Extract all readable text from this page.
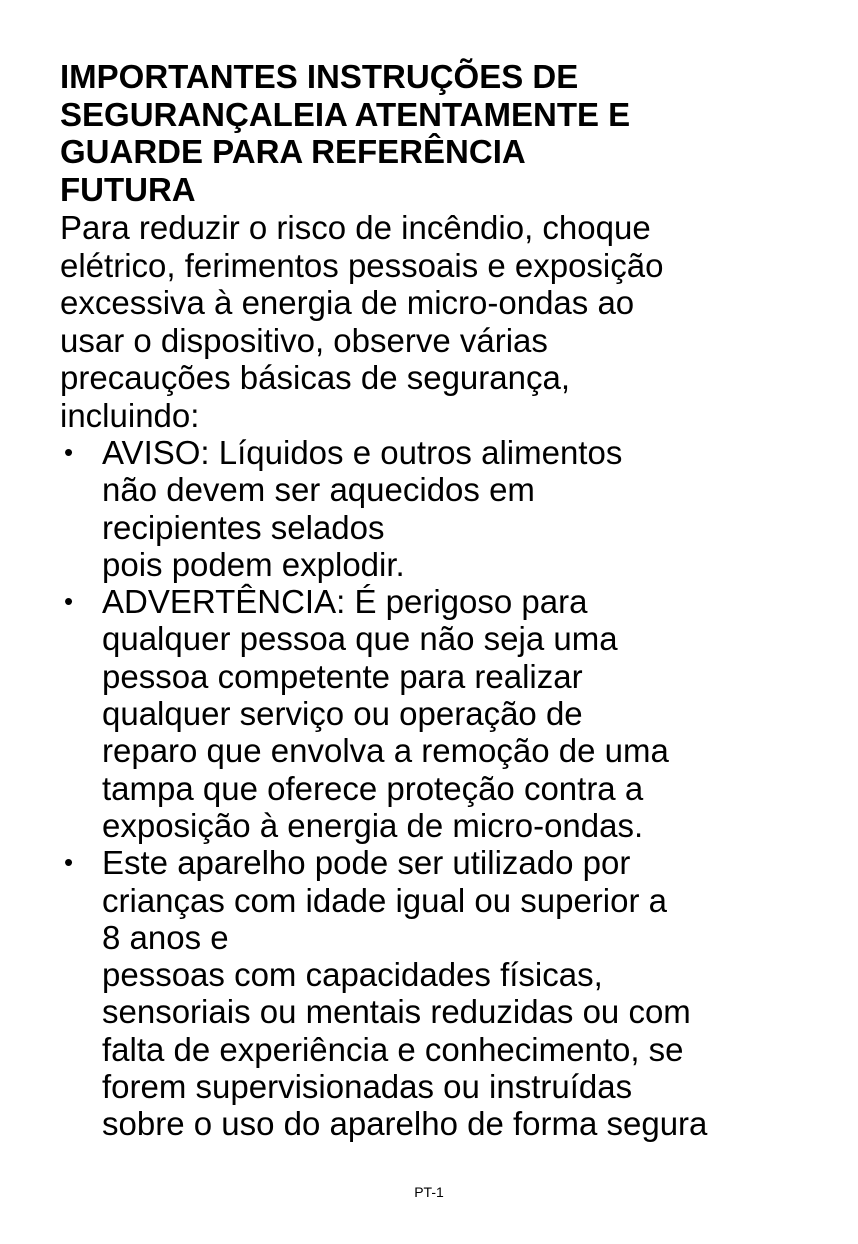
IMPORTANTES INSTRUÇÕES DE
SEGURANÇALEIA ATENTAMENTE E
GUARDE PARA REFERÊNCIA
FUTURA

Para reduzir o risco de incêndio, choque
elétrico, ferimentos pessoais e exposição
excessiva à energia de micro-ondas ao
usar o dispositivo, observe várias
precauções básicas de segurança,
incluindo:

• AVISO: Líquidos e outros alimentos
não devem ser aquecidos em
recipientes selados
pois podem explodir.
• ADVERTÊNCIA: É perigoso para
qualquer pessoa que não seja uma
pessoa competente para realizar
qualquer serviço ou operação de
reparo que envolva a remoção de uma
tampa que oferece proteção contra a
exposição à energia de micro-ondas.
• Este aparelho pode ser utilizado por
crianças com idade igual ou superior a
8 anos e
pessoas com capacidades físicas,
sensoriais ou mentais reduzidas ou com
falta de experiência e conhecimento, se
forem supervisionadas ou instruídas
sobre o uso do aparelho de forma segura
PT-1
